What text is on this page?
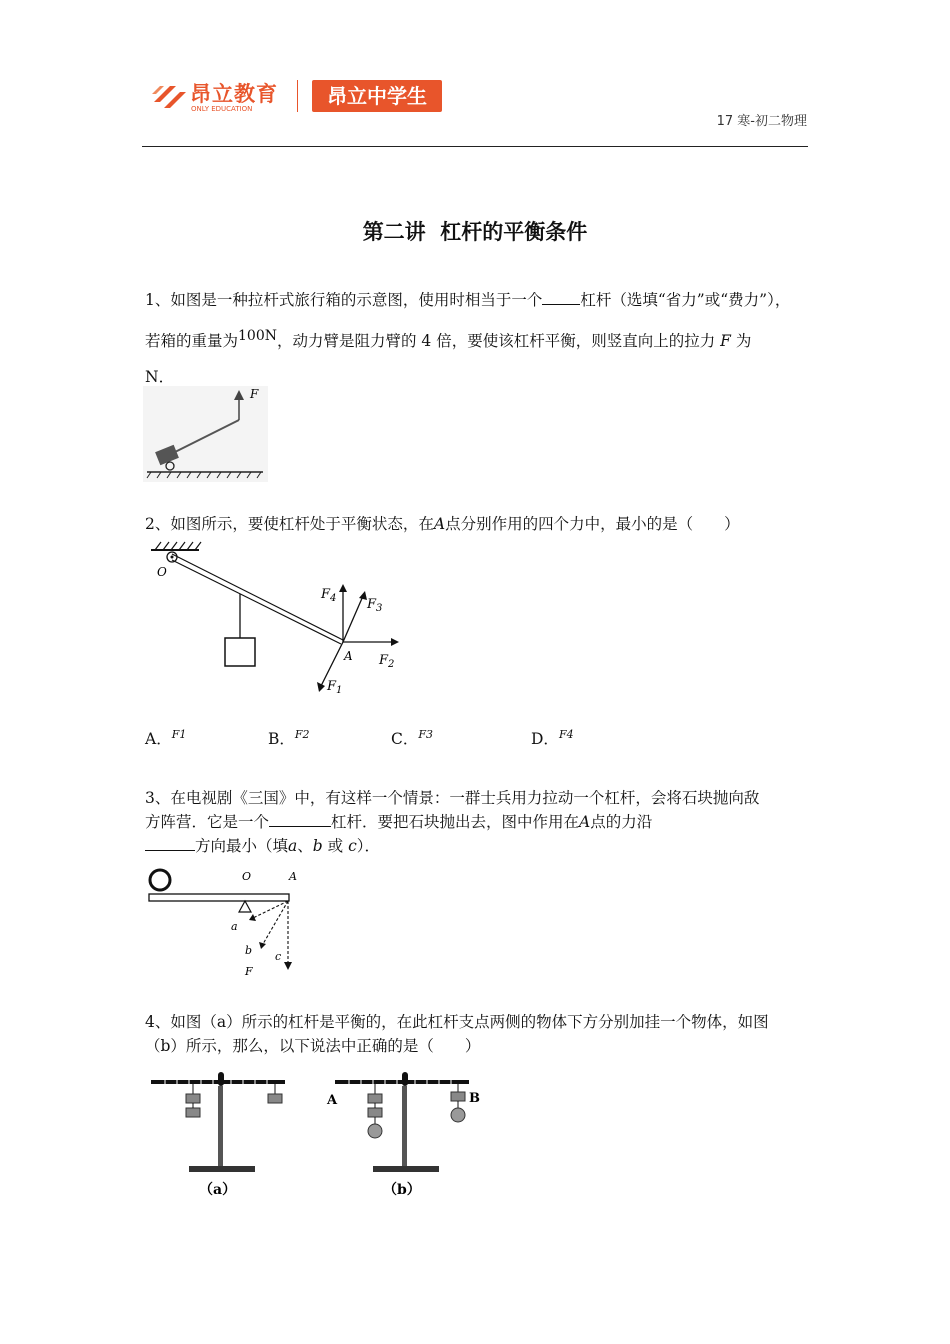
昂立教育
ONLY EDUCATION
昂立中学生
17 寒-初二物理
第二讲  杠杆的平衡条件
1、如图是一种拉杆式旅行箱的示意图，使用时相当于一个 杠杆（选填“省力”或“费力”），
若箱的重量为$^{100N}$，动力臂是阻力臂的 4 倍，要使该杠杆平衡，则竖直向上的拉力 F 为
N．
F
2、如图所示，要使杠杆处于平衡状态，在A点分别作用的四个力中，最小的是（　　）
O
$F_4$ $F_3$
$F_2$
$F_1$
A
A．$^{F1}$	B．$^{F2}$	C．$^{F3}$	D．$^{F4}$
3、在电视剧《三国》中，有这样一个情景：一群士兵用力拉动一个杠杆，会将石块抛向敌
方阵营．它是一个	杠杆．要把石块抛出去，图中作用在A点的力沿
方向最小（填a、b 或 c）．
O	A
a
b c
F
4、如图（a）所示的杠杆是平衡的，在此杠杆支点两侧的物体下方分别加挂一个物体，如图
（b）所示，那么，以下说法中正确的是（　　）
（a）
A	B
（b）
